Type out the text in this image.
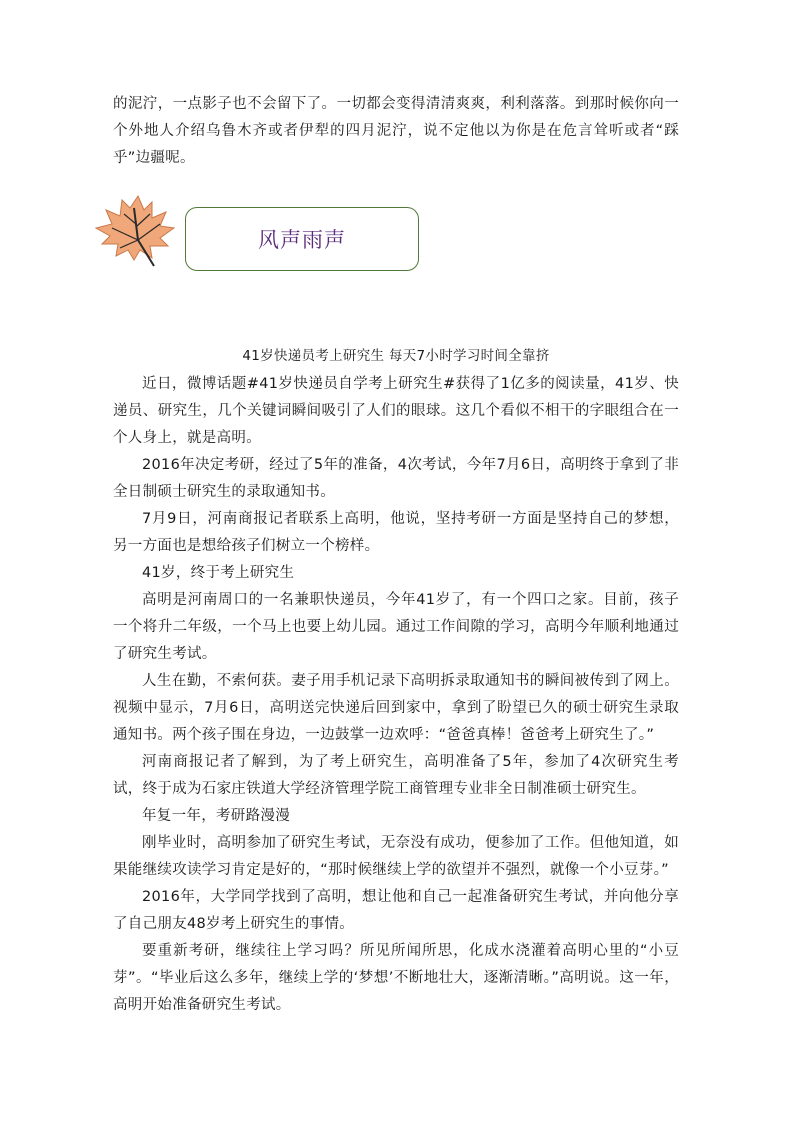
的泥泞，一点影子也不会留下了。一切都会变得清清爽爽，利利落落。到那时候你向一个外地人介绍乌鲁木齐或者伊犁的四月泥泞，说不定他以为你是在危言耸听或者“踩乎”边疆呢。

风声雨声
41岁快递员考上研究生 每天7小时学习时间全靠挤

近日，微博话题#41岁快递员自学考上研究生#获得了1亿多的阅读量，41岁、快递员、研究生，几个关键词瞬间吸引了人们的眼球。这几个看似不相干的字眼组合在一个人身上，就是高明。

2016年决定考研，经过了5年的准备，4次考试，今年7月6日，高明终于拿到了非全日制硕士研究生的录取通知书。

7月9日，河南商报记者联系上高明，他说，坚持考研一方面是坚持自己的梦想，另一方面也是想给孩子们树立一个榜样。

41岁，终于考上研究生

高明是河南周口的一名兼职快递员，今年41岁了，有一个四口之家。目前，孩子一个将升二年级，一个马上也要上幼儿园。通过工作间隙的学习，高明今年顺利地通过了研究生考试。

人生在勤，不索何获。妻子用手机记录下高明拆录取通知书的瞬间被传到了网上。视频中显示，7月6日，高明送完快递后回到家中，拿到了盼望已久的硕士研究生录取通知书。两个孩子围在身边，一边鼓掌一边欢呼：“爸爸真棒！爸爸考上研究生了。”

河南商报记者了解到，为了考上研究生，高明准备了5年，参加了4次研究生考试，终于成为石家庄铁道大学经济管理学院工商管理专业非全日制准硕士研究生。

年复一年，考研路漫漫

刚毕业时，高明参加了研究生考试，无奈没有成功，便参加了工作。但他知道，如果能继续攻读学习肯定是好的，“那时候继续上学的欲望并不强烈，就像一个小豆芽。”

2016年，大学同学找到了高明，想让他和自己一起准备研究生考试，并向他分享了自己朋友48岁考上研究生的事情。

要重新考研，继续往上学习吗？所见所闻所思，化成水浇灌着高明心里的“小豆芽”。“毕业后这么多年，继续上学的‘梦想’不断地壮大，逐渐清晰。”高明说。这一年，高明开始准备研究生考试。
